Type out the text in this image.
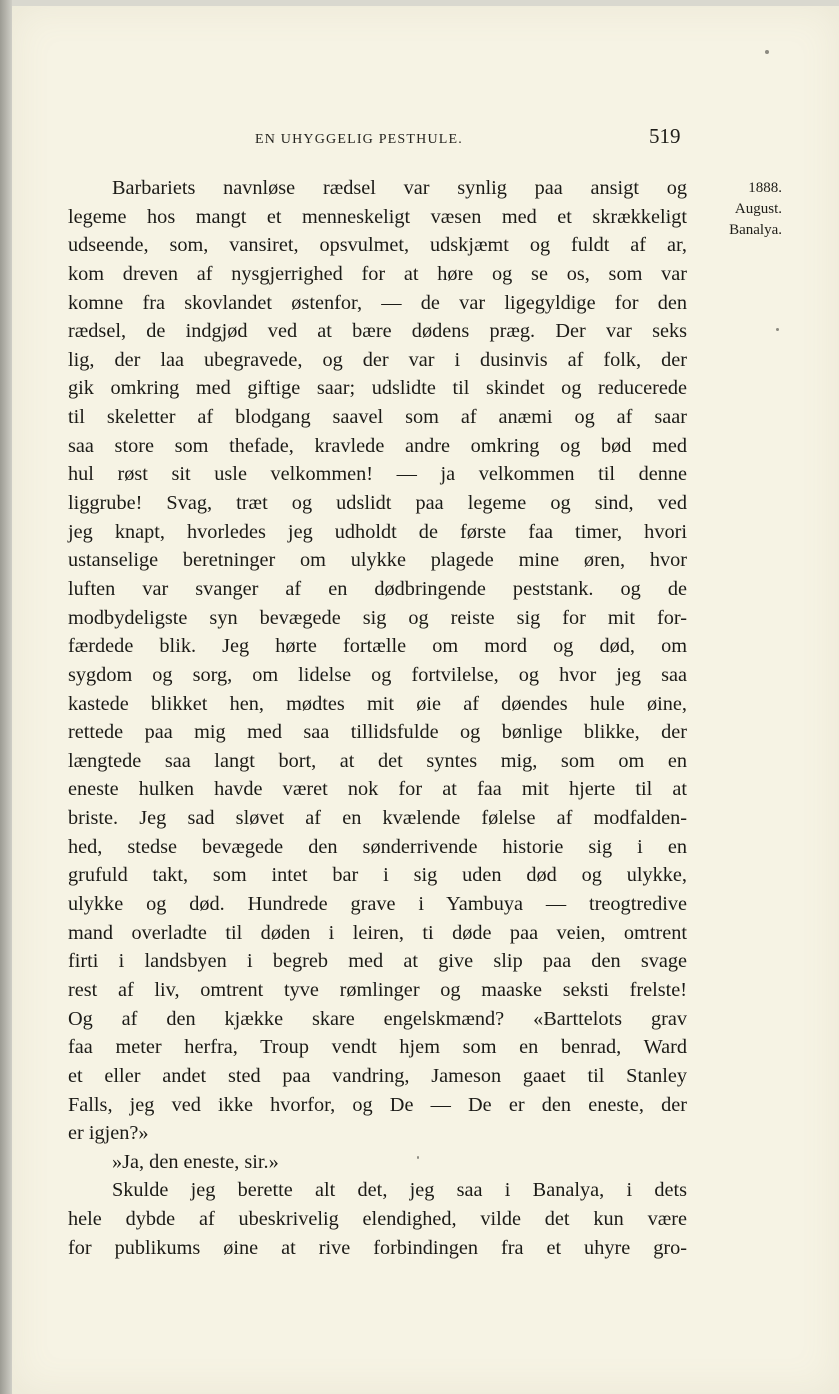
EN UHYGGELIG PESTHULE.	519
1888.
August.
Banalya.
Barbariets navnløse rædsel var synlig paa ansigt og
legeme hos mangt et menneskeligt væsen med et skrækkeligt
udseende, som, vansiret, opsvulmet, udskjæmt og fuldt af ar,
kom dreven af nysgjerrighed for at høre og se os, som var
komne fra skovlandet østenfor, — de var ligegyldige for den
rædsel, de indgjød ved at bære dødens præg. Der var seks
lig, der laa ubegravede, og der var i dusinvis af folk, der
gik omkring med giftige saar; udslidte til skindet og reducerede
til skeletter af blodgang saavel som af anæmi og af saar
saa store som thefade, kravlede andre omkring og bød med
hul røst sit usle velkommen! — ja velkommen til denne
liggrube! Svag, træt og udslidt paa legeme og sind, ved
jeg knapt, hvorledes jeg udholdt de første faa timer, hvori
ustanselige beretninger om ulykke plagede mine øren, hvor
luften var svanger af en dødbringende peststank. og de
modbydeligste syn bevægede sig og reiste sig for mit for-
færdede blik. Jeg hørte fortælle om mord og død, om
sygdom og sorg, om lidelse og fortvilelse, og hvor jeg saa
kastede blikket hen, mødtes mit øie af døendes hule øine,
rettede paa mig med saa tillidsfulde og bønlige blikke, der
længtede saa langt bort, at det syntes mig, som om en
eneste hulken havde været nok for at faa mit hjerte til at
briste. Jeg sad sløvet af en kvælende følelse af modfalden-
hed, stedse bevægede den sønderrivende historie sig i en
grufuld takt, som intet bar i sig uden død og ulykke,
ulykke og død. Hundrede grave i Yambuya — treogtredive
mand overladte til døden i leiren, ti døde paa veien, omtrent
firti i landsbyen i begreb med at give slip paa den svage
rest af liv, omtrent tyve rømlinger og maaske seksti frelste!
Og af den kjække skare engelskmænd? «Barttelots grav
faa meter herfra, Troup vendt hjem som en benrad, Ward
et eller andet sted paa vandring, Jameson gaaet til Stanley
Falls, jeg ved ikke hvorfor, og De — De er den eneste, der
er igjen?»
»Ja, den eneste, sir.»
Skulde jeg berette alt det, jeg saa i Banalya, i dets
hele dybde af ubeskrivelig elendighed, vilde det kun være
for publikums øine at rive forbindingen fra et uhyre gro-
